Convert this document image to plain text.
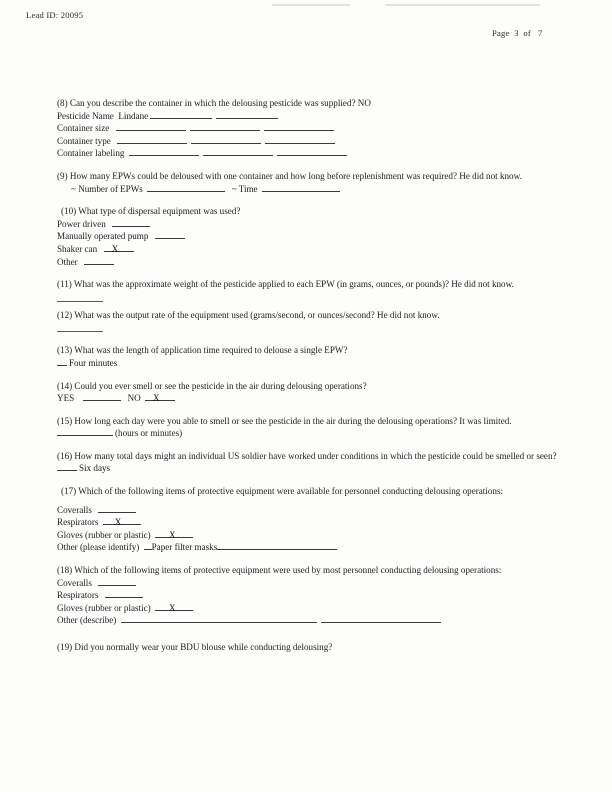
Lead ID: 20095
Page  3  of   7
(8) Can you describe the container in which the delousing pesticide was supplied? NO
Pesticide Name Lindane
Container size
Container type
Container labeling
(9) How many EPWs could be deloused with one container and how long before replenishment was required? He did not know.
~ Number of EPWs	~ Time
(10) What type of dispersal equipment was used?
Power driven
Manually operated pump
Shaker can X
Other
(11) What was the approximate weight of the pesticide applied to each EPW (in grams, ounces, or pounds)? He did not know.
(12) What was the output rate of the equipment used (grams/second, or ounces/second? He did not know.
(13) What was the length of application time required to delouse a single EPW?
Four minutes
(14) Could you ever smell or see the pesticide in the air during delousing operations?
YES	NO X
(15) How long each day were you able to smell or see the pesticide in the air during the delousing operations? It was limited.
(hours or minutes)
(16) How many total days might an individual US soldier have worked under conditions in which the pesticide could be smelled or seen?
Six days
(17) Which of the following items of protective equipment were available for personnel conducting delousing operations:
Coveralls
Respirators X
Gloves (rubber or plastic) X
Other (please identify) Paper filter masks
(18) Which of the following items of protective equipment were used by most personnel conducting delousing operations:
Coveralls
Respirators
Gloves (rubber or plastic) X
Other (describe)
(19) Did you normally wear your BDU blouse while conducting delousing?
